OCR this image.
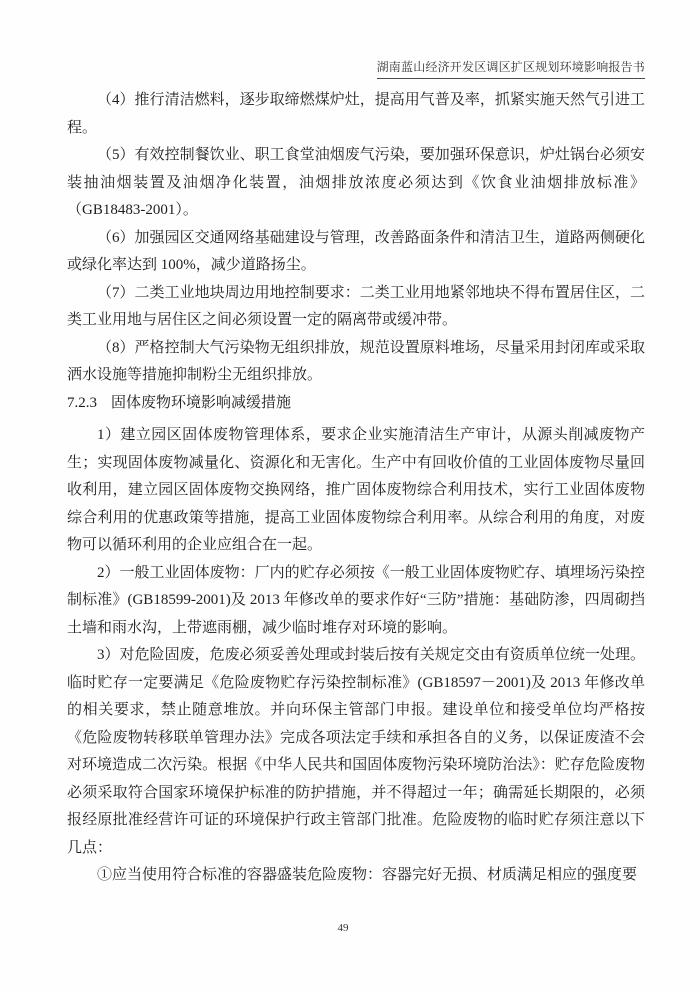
湖南蓝山经济开发区调区扩区规划环境影响报告书

（4）推行清洁燃料，逐步取缔燃煤炉灶，提高用气普及率，抓紧实施天然气引进工程。

（5）有效控制餐饮业、职工食堂油烟废气污染，要加强环保意识，炉灶锅台必须安装抽油烟装置及油烟净化装置，油烟排放浓度必须达到《饮食业油烟排放标准》（GB18483-2001）。

（6）加强园区交通网络基础建设与管理，改善路面条件和清洁卫生，道路两侧硬化或绿化率达到 100%，减少道路扬尘。

（7）二类工业地块周边用地控制要求：二类工业用地紧邻地块不得布置居住区，二类工业用地与居住区之间必须设置一定的隔离带或缓冲带。

（8）严格控制大气污染物无组织排放，规范设置原料堆场，尽量采用封闭库或采取洒水设施等措施抑制粉尘无组织排放。

7.2.3 固体废物环境影响减缓措施

1）建立园区固体废物管理体系，要求企业实施清洁生产审计，从源头削减废物产生；实现固体废物减量化、资源化和无害化。生产中有回收价值的工业固体废物尽量回收利用，建立园区固体废物交换网络，推广固体废物综合利用技术，实行工业固体废物综合利用的优惠政策等措施，提高工业固体废物综合利用率。从综合利用的角度，对废物可以循环利用的企业应组合在一起。

2）一般工业固体废物：厂内的贮存必须按《一般工业固体废物贮存、填埋场污染控制标准》(GB18599-2001)及 2013 年修改单的要求作好“三防”措施：基础防渗，四周砌挡土墙和雨水沟，上带遮雨棚，减少临时堆存对环境的影响。

3）对危险固废，危废必须妥善处理或封装后按有关规定交由有资质单位统一处理。临时贮存一定要满足《危险废物贮存污染控制标准》(GB18597－2001)及 2013 年修改单的相关要求，禁止随意堆放。并向环保主管部门申报。建设单位和接受单位均严格按《危险废物转移联单管理办法》完成各项法定手续和承担各自的义务，以保证废渣不会对环境造成二次污染。根据《中华人民共和国固体废物污染环境防治法》：贮存危险废物必须采取符合国家环境保护标准的防护措施，并不得超过一年；确需延长期限的，必须报经原批准经营许可证的环境保护行政主管部门批准。危险废物的临时贮存须注意以下几点：

①应当使用符合标准的容器盛装危险废物：容器完好无损、材质满足相应的强度要

49
